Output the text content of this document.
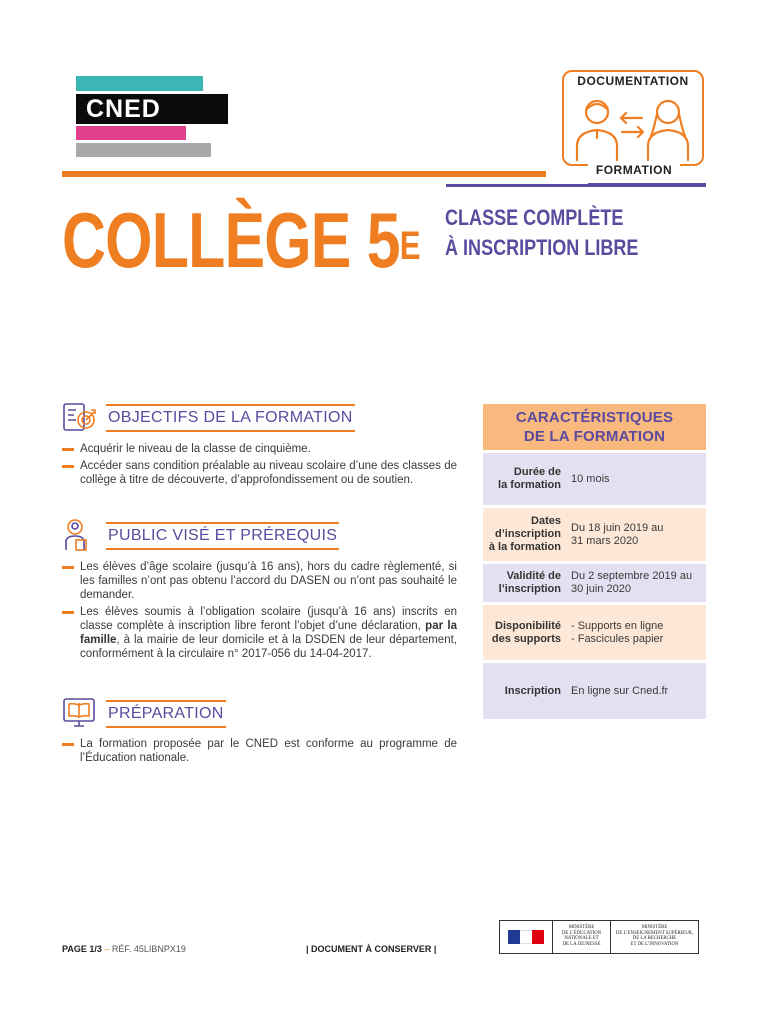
CNED
DOCUMENTATION
FORMATION
COLLÈGE $5^E$
CLASSE COMPLÈTE
À INSCRIPTION LIBRE
OBJECTIFS DE LA FORMATION
Acquérir le niveau de la classe de cinquième.
Accéder sans condition préalable au niveau scolaire d’une des classes de collège à titre de découverte, d’approfondissement ou de soutien.
PUBLIC VISÉ ET PRÉREQUIS
Les élèves d’âge scolaire (jusqu’à 16 ans), hors du cadre règlementé, si les familles n’ont pas obtenu l’accord du DASEN ou n’ont pas souhaité le demander.
Les élèves soumis à l’obligation scolaire (jusqu’à 16 ans) inscrits en classe complète à inscription libre feront l’objet d’une déclaration, par la famille, à la mairie de leur domicile et à la DSDEN de leur département, conformément à la circulaire n° 2017-056 du 14-04-2017.
PRÉPARATION
La formation proposée par le CNED est conforme au programme de l’Éducation nationale.
CARACTÉRISTIQUES
DE LA FORMATION
Durée de
la formation
10 mois
Dates
d’inscription
à la formation
Du 18 juin 2019 au
31 mars 2020
Validité de
l’inscription
Du 2 septembre 2019 au
30 juin 2020
Disponibilité
des supports
- Supports en ligne
- Fascicules papier
Inscription En ligne sur Cned.fr
PAGE 1/3 – RÉF. 45LIBNPX19	| DOCUMENT À CONSERVER |
MINISTÈRE
DE L’ÉDUCATION
NATIONALE ET
DE LA JEUNESSE
MINISTÈRE
DE L’ENSEIGNEMENT SUPÉRIEUR,
DE LA RECHERCHE
ET DE L’INNOVATION
